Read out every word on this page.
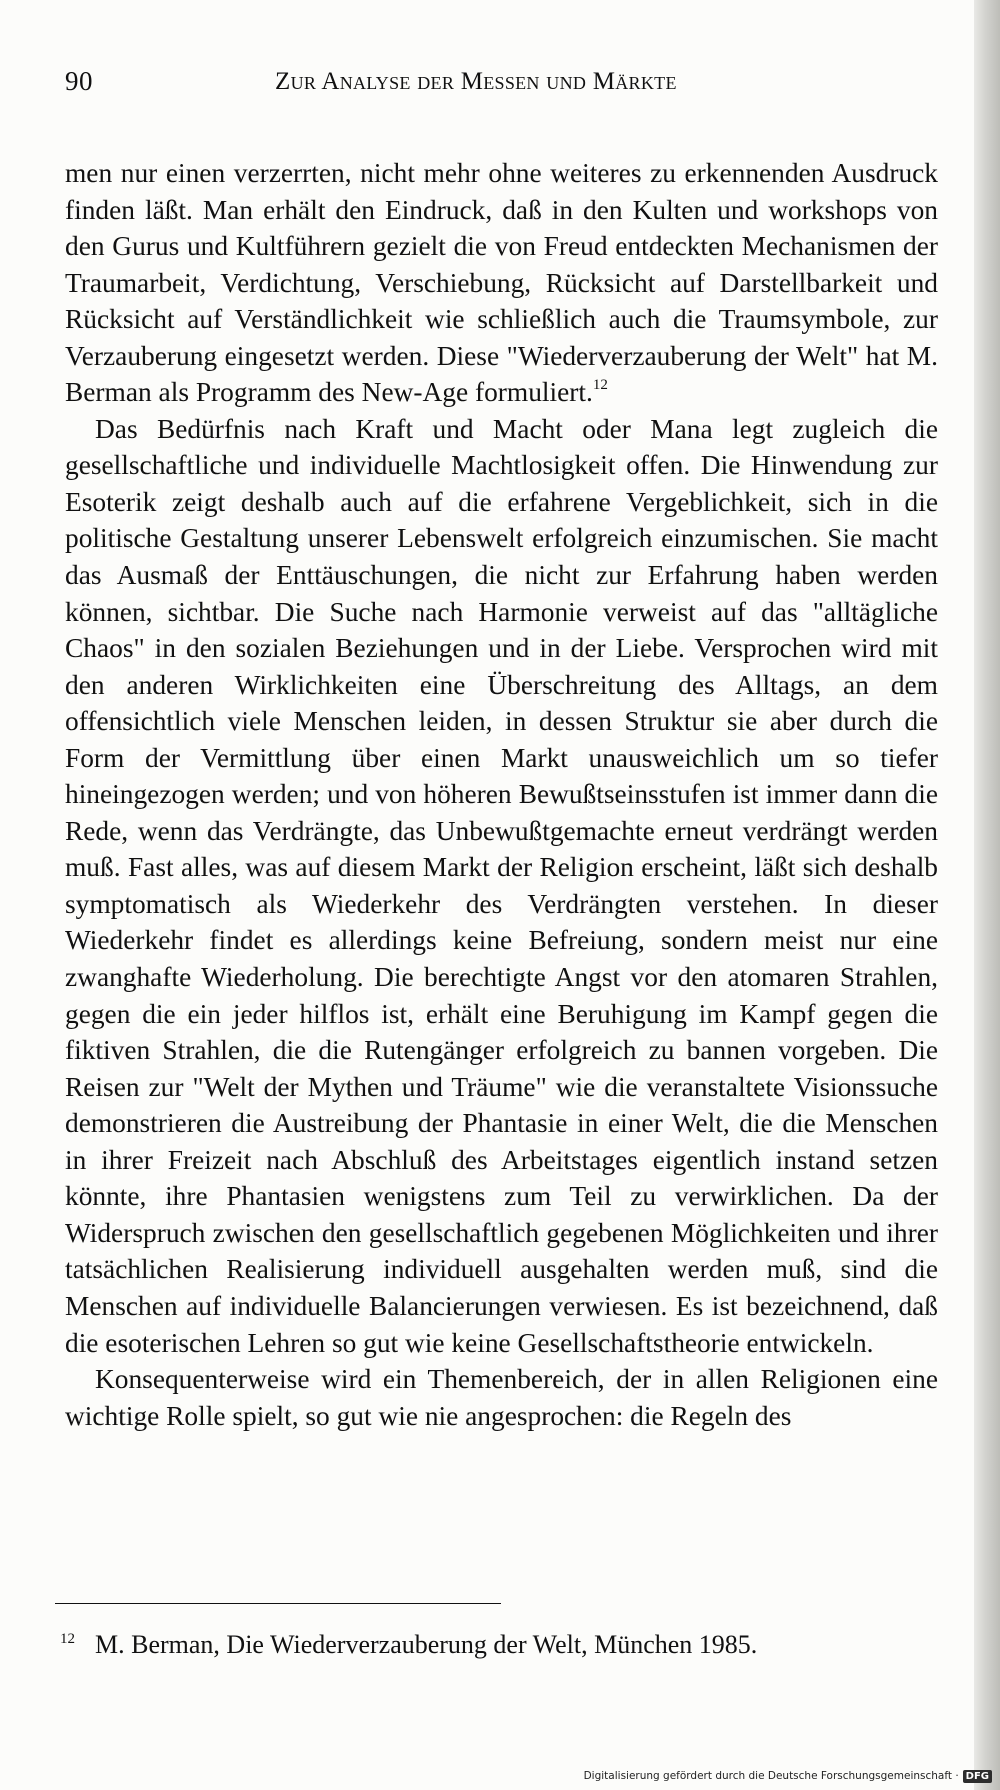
90	Zur Analyse der Messen und Märkte

men nur einen verzerrten, nicht mehr ohne weiteres zu erkennenden Ausdruck finden läßt. Man erhält den Eindruck, daß in den Kulten und workshops von den Gurus und Kultführern gezielt die von Freud entdeckten Mechanismen der Traumarbeit, Verdichtung, Verschiebung, Rücksicht auf Darstellbarkeit und Rücksicht auf Verständlichkeit wie schließlich auch die Traumsymbole, zur Verzauberung eingesetzt werden. Diese "Wiederverzauberung der Welt" hat M. Berman als Programm des New-Age formuliert.$^{12}$

Das Bedürfnis nach Kraft und Macht oder Mana legt zugleich die gesellschaftliche und individuelle Machtlosigkeit offen. Die Hinwendung zur Esoterik zeigt deshalb auch auf die erfahrene Vergeblichkeit, sich in die politische Gestaltung unserer Lebenswelt erfolgreich einzumischen. Sie macht das Ausmaß der Enttäuschungen, die nicht zur Erfahrung haben werden können, sichtbar. Die Suche nach Harmonie verweist auf das "alltägliche Chaos" in den sozialen Beziehungen und in der Liebe. Versprochen wird mit den anderen Wirklichkeiten eine Überschreitung des Alltags, an dem offensichtlich viele Menschen leiden, in dessen Struktur sie aber durch die Form der Vermittlung über einen Markt unausweichlich um so tiefer hineingezogen werden; und von höheren Bewußtseinsstufen ist immer dann die Rede, wenn das Verdrängte, das Unbewußtgemachte erneut verdrängt werden muß. Fast alles, was auf diesem Markt der Religion erscheint, läßt sich deshalb symptomatisch als Wiederkehr des Verdrängten verstehen. In dieser Wiederkehr findet es allerdings keine Befreiung, sondern meist nur eine zwanghafte Wiederholung. Die berechtigte Angst vor den atomaren Strahlen, gegen die ein jeder hilflos ist, erhält eine Beruhigung im Kampf gegen die fiktiven Strahlen, die die Rutengänger erfolgreich zu bannen vorgeben. Die Reisen zur "Welt der Mythen und Träume" wie die veranstaltete Visionssuche demonstrieren die Austreibung der Phantasie in einer Welt, die die Menschen in ihrer Freizeit nach Abschluß des Arbeitstages eigentlich instand setzen könnte, ihre Phantasien wenigstens zum Teil zu verwirklichen. Da der Widerspruch zwischen den gesellschaftlich gegebenen Möglichkeiten und ihrer tatsächlichen Realisierung individuell ausgehalten werden muß, sind die Menschen auf individuelle Balancierungen verwiesen. Es ist bezeichnend, daß die esoterischen Lehren so gut wie keine Gesellschaftstheorie entwickeln.

Konsequenterweise wird ein Themenbereich, der in allen Religionen eine wichtige Rolle spielt, so gut wie nie angesprochen: die Regeln des

$^{12}$ M. Berman, Die Wiederverzauberung der Welt, München 1985.
Digitalisierung gefördert durch die Deutsche Forschungsgemeinschaft · DFG
